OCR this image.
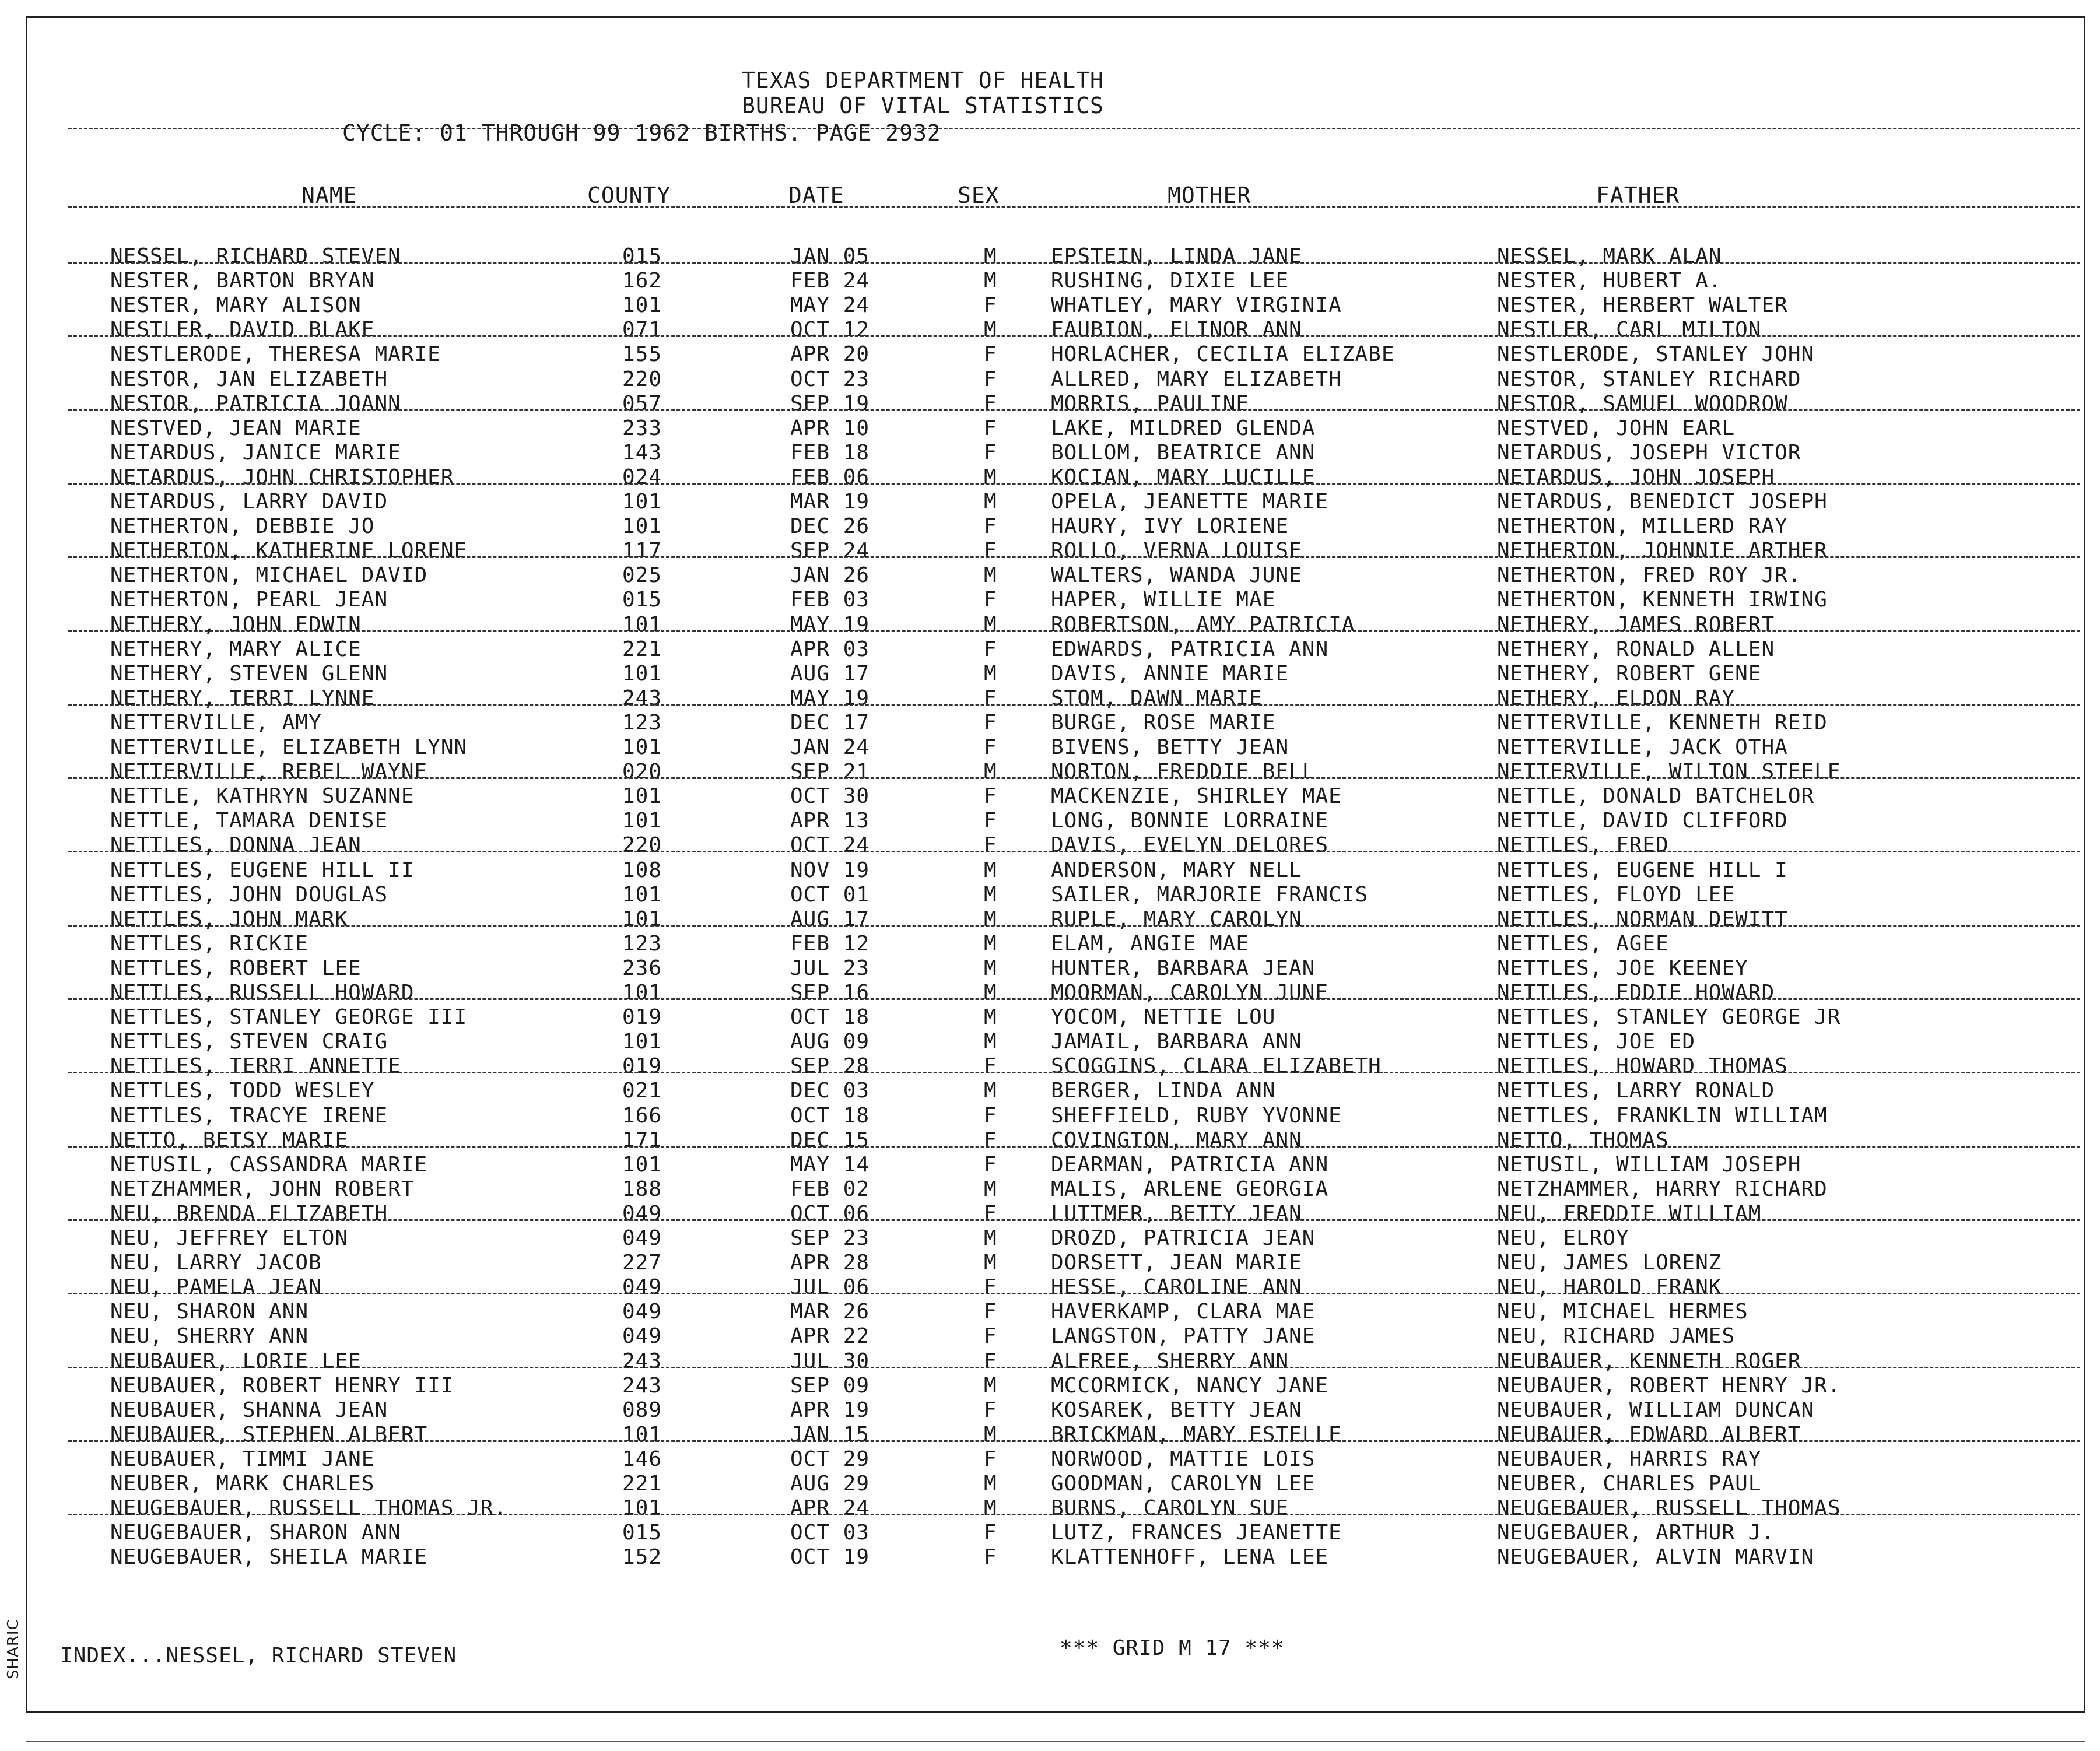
TEXAS DEPARTMENT OF HEALTH
BUREAU OF VITAL STATISTICS
CYCLE: 01 THROUGH 99 1962 BIRTHS. PAGE 2932
NAME	COUNTY	DATE	SEX	MOTHER	FATHER
NESSEL, RICHARD STEVEN	015	JAN 05	M	EPSTEIN, LINDA JANE	NESSEL, MARK ALAN
NESTER, BARTON BRYAN	162	FEB 24	M	RUSHING, DIXIE LEE	NESTER, HUBERT A.
NESTER, MARY ALISON	101	MAY 24	F	WHATLEY, MARY VIRGINIA	NESTER, HERBERT WALTER
NESTLER, DAVID BLAKE	071	OCT 12	M	FAUBION, ELINOR ANN	NESTLER, CARL MILTON
NESTLERODE, THERESA MARIE	155	APR 20	F	HORLACHER, CECILIA ELIZABE	NESTLERODE, STANLEY JOHN
NESTOR, JAN ELIZABETH	220	OCT 23	F	ALLRED, MARY ELIZABETH	NESTOR, STANLEY RICHARD
NESTOR, PATRICIA JOANN	057	SEP 19	F	MORRIS, PAULINE	NESTOR, SAMUEL WOODROW
NESTVED, JEAN MARIE	233	APR 10	F	LAKE, MILDRED GLENDA	NESTVED, JOHN EARL
NETARDUS, JANICE MARIE	143	FEB 18	F	BOLLOM, BEATRICE ANN	NETARDUS, JOSEPH VICTOR
NETARDUS, JOHN CHRISTOPHER	024	FEB 06	M	KOCIAN, MARY LUCILLE	NETARDUS, JOHN JOSEPH
NETARDUS, LARRY DAVID	101	MAR 19	M	OPELA, JEANETTE MARIE	NETARDUS, BENEDICT JOSEPH
NETHERTON, DEBBIE JO	101	DEC 26	F	HAURY, IVY LORIENE	NETHERTON, MILLERD RAY
NETHERTON, KATHERINE LORENE	117	SEP 24	F	ROLLO, VERNA LOUISE	NETHERTON, JOHNNIE ARTHER
NETHERTON, MICHAEL DAVID	025	JAN 26	M	WALTERS, WANDA JUNE	NETHERTON, FRED ROY JR.
NETHERTON, PEARL JEAN	015	FEB 03	F	HAPER, WILLIE MAE	NETHERTON, KENNETH IRWING
NETHERY, JOHN EDWIN	101	MAY 19	M	ROBERTSON, AMY PATRICIA	NETHERY, JAMES ROBERT
NETHERY, MARY ALICE	221	APR 03	F	EDWARDS, PATRICIA ANN	NETHERY, RONALD ALLEN
NETHERY, STEVEN GLENN	101	AUG 17	M	DAVIS, ANNIE MARIE	NETHERY, ROBERT GENE
NETHERY, TERRI LYNNE	243	MAY 19	F	STOM, DAWN MARIE	NETHERY, ELDON RAY
NETTERVILLE, AMY	123	DEC 17	F	BURGE, ROSE MARIE	NETTERVILLE, KENNETH REID
NETTERVILLE, ELIZABETH LYNN	101	JAN 24	F	BIVENS, BETTY JEAN	NETTERVILLE, JACK OTHA
NETTERVILLE, REBEL WAYNE	020	SEP 21	M	NORTON, FREDDIE BELL	NETTERVILLE, WILTON STEELE
NETTLE, KATHRYN SUZANNE	101	OCT 30	F	MACKENZIE, SHIRLEY MAE	NETTLE, DONALD BATCHELOR
NETTLE, TAMARA DENISE	101	APR 13	F	LONG, BONNIE LORRAINE	NETTLE, DAVID CLIFFORD
NETTLES, DONNA JEAN	220	OCT 24	F	DAVIS, EVELYN DELORES	NETTLES, FRED
NETTLES, EUGENE HILL II	108	NOV 19	M	ANDERSON, MARY NELL	NETTLES, EUGENE HILL I
NETTLES, JOHN DOUGLAS	101	OCT 01	M	SAILER, MARJORIE FRANCIS	NETTLES, FLOYD LEE
NETTLES, JOHN MARK	101	AUG 17	M	RUPLE, MARY CAROLYN	NETTLES, NORMAN DEWITT
NETTLES, RICKIE	123	FEB 12	M	ELAM, ANGIE MAE	NETTLES, AGEE
NETTLES, ROBERT LEE	236	JUL 23	M	HUNTER, BARBARA JEAN	NETTLES, JOE KEENEY
NETTLES, RUSSELL HOWARD	101	SEP 16	M	MOORMAN, CAROLYN JUNE	NETTLES, EDDIE HOWARD
NETTLES, STANLEY GEORGE III	019	OCT 18	M	YOCOM, NETTIE LOU	NETTLES, STANLEY GEORGE JR
NETTLES, STEVEN CRAIG	101	AUG 09	M	JAMAIL, BARBARA ANN	NETTLES, JOE ED
NETTLES, TERRI ANNETTE	019	SEP 28	F	SCOGGINS, CLARA ELIZABETH	NETTLES, HOWARD THOMAS
NETTLES, TODD WESLEY	021	DEC 03	M	BERGER, LINDA ANN	NETTLES, LARRY RONALD
NETTLES, TRACYE IRENE	166	OCT 18	F	SHEFFIELD, RUBY YVONNE	NETTLES, FRANKLIN WILLIAM
NETTO, BETSY MARIE	171	DEC 15	F	COVINGTON, MARY ANN	NETTO, THOMAS
NETUSIL, CASSANDRA MARIE	101	MAY 14	F	DEARMAN, PATRICIA ANN	NETUSIL, WILLIAM JOSEPH
NETZHAMMER, JOHN ROBERT	188	FEB 02	M	MALIS, ARLENE GEORGIA	NETZHAMMER, HARRY RICHARD
NEU, BRENDA ELIZABETH	049	OCT 06	F	LUTTMER, BETTY JEAN	NEU, FREDDIE WILLIAM
NEU, JEFFREY ELTON	049	SEP 23	M	DROZD, PATRICIA JEAN	NEU, ELROY
NEU, LARRY JACOB	227	APR 28	M	DORSETT, JEAN MARIE	NEU, JAMES LORENZ
NEU, PAMELA JEAN	049	JUL 06	F	HESSE, CAROLINE ANN	NEU, HAROLD FRANK
NEU, SHARON ANN	049	MAR 26	F	HAVERKAMP, CLARA MAE	NEU, MICHAEL HERMES
NEU, SHERRY ANN	049	APR 22	F	LANGSTON, PATTY JANE	NEU, RICHARD JAMES
NEUBAUER, LORIE LEE	243	JUL 30	F	ALFREE, SHERRY ANN	NEUBAUER, KENNETH ROGER
NEUBAUER, ROBERT HENRY III	243	SEP 09	M	MCCORMICK, NANCY JANE	NEUBAUER, ROBERT HENRY JR.
NEUBAUER, SHANNA JEAN	089	APR 19	F	KOSAREK, BETTY JEAN	NEUBAUER, WILLIAM DUNCAN
NEUBAUER, STEPHEN ALBERT	101	JAN 15	M	BRICKMAN, MARY ESTELLE	NEUBAUER, EDWARD ALBERT
NEUBAUER, TIMMI JANE	146	OCT 29	F	NORWOOD, MATTIE LOIS	NEUBAUER, HARRIS RAY
NEUBER, MARK CHARLES	221	AUG 29	M	GOODMAN, CAROLYN LEE	NEUBER, CHARLES PAUL
NEUGEBAUER, RUSSELL THOMAS JR.	101	APR 24	M	BURNS, CAROLYN SUE	NEUGEBAUER, RUSSELL THOMAS
NEUGEBAUER, SHARON ANN	015	OCT 03	F	LUTZ, FRANCES JEANETTE	NEUGEBAUER, ARTHUR J.
NEUGEBAUER, SHEILA MARIE	152	OCT 19	F	KLATTENHOFF, LENA LEE	NEUGEBAUER, ALVIN MARVIN
INDEX...NESSEL, RICHARD STEVEN	*** GRID M 17 ***
SHARIC
